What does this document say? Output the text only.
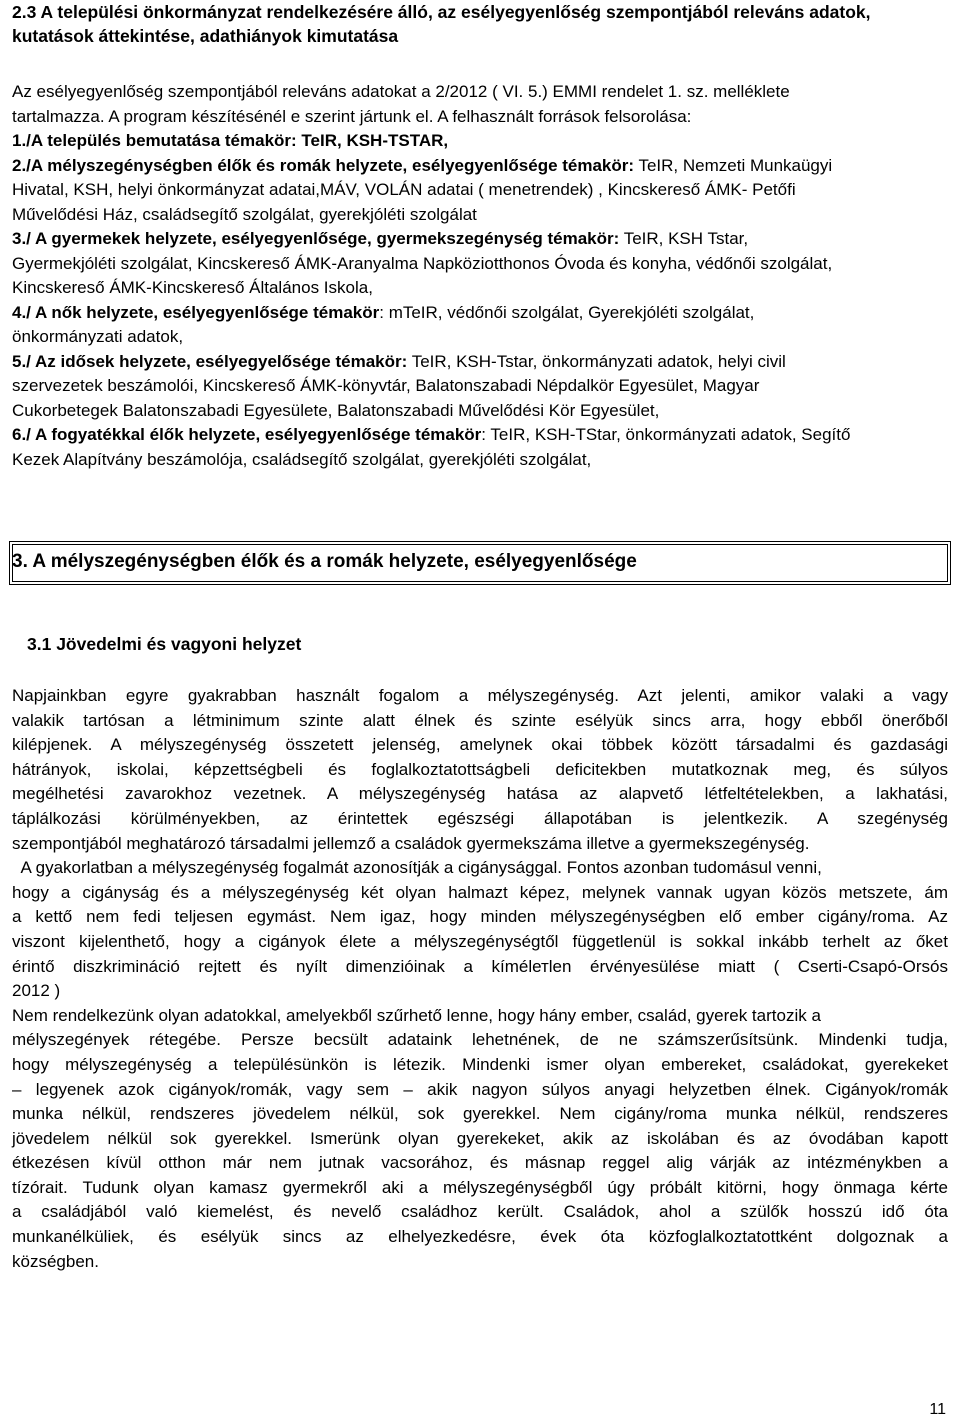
2.3 A települési önkormányzat rendelkezésére álló, az esélyegyenlőség szempontjából releváns adatok,
kutatások áttekintése, adathiányok kimutatása
Az esélyegyenlőség szempontjából releváns adatokat a 2/2012 ( VI. 5.) EMMI rendelet 1. sz. melléklete
tartalmazza. A program készítésénél e szerint jártunk el. A felhasznált források felsorolása:
1./A település bemutatása témakör: TeIR, KSH-TSTAR,
2./A mélyszegénységben élők és romák helyzete, esélyegyenlősége témakör: TeIR, Nemzeti Munkaügyi
Hivatal, KSH, helyi önkormányzat adatai,MÁV, VOLÁN adatai ( menetrendek) , Kincskereső ÁMK- Petőfi
Művelődési Ház, családsegítő szolgálat, gyerekjóléti szolgálat
3./ A gyermekek helyzete, esélyegyenlősége, gyermekszegénység témakör: TeIR, KSH Tstar,
Gyermekjóléti szolgálat, Kincskereső ÁMK-Aranyalma Napköziotthonos Óvoda és konyha, védőnői szolgálat,
Kincskereső ÁMK-Kincskereső Általános Iskola,
4./ A nők helyzete, esélyegyenlősége témakör: mTeIR, védőnői szolgálat, Gyerekjóléti szolgálat,
önkormányzati adatok,
5./ Az idősek helyzete, esélyegyelősége témakör: TeIR, KSH-Tstar, önkormányzati adatok, helyi civil
szervezetek beszámolói, Kincskereső ÁMK-könyvtár, Balatonszabadi Népdalkör Egyesület, Magyar
Cukorbetegek Balatonszabadi Egyesülete, Balatonszabadi Művelődési Kör Egyesület,
6./ A fogyatékkal élők helyzete, esélyegyenlősége témakör: TeIR, KSH-TStar, önkormányzati adatok, Segítő
Kezek Alapítvány beszámolója, családsegítő szolgálat, gyerekjóléti szolgálat,
3. A mélyszegénységben élők és a romák helyzete, esélyegyenlősége
3.1 Jövedelmi és vagyoni helyzet
Napjainkban egyre gyakrabban használt fogalom a mélyszegénység. Azt jelenti, amikor valaki a vagy
valakik tartósan a létminimum szinte alatt élnek és szinte esélyük sincs arra, hogy ebből önerőből
kilépjenek. A mélyszegénység összetett jelenség, amelynek okai többek között társadalmi és gazdasági
hátrányok, iskolai, képzettségbeli és foglalkoztatottságbeli deficitekben mutatkoznak meg, és súlyos
megélhetési zavarokhoz vezetnek. A mélyszegénység hatása az alapvető létfeltételekben, a lakhatási,
táplálkozási körülményekben, az érintettek egészségi állapotában is jelentkezik. A szegénység
szempontjából meghatározó társadalmi jellemző a családok gyermekszáma illetve a gyermekszegénység.
A gyakorlatban a mélyszegénység fogalmát azonosítják a cigánysággal. Fontos azonban tudomásul venni,
hogy a cigányság és a mélyszegénység két olyan halmazt képez, melynek vannak ugyan közös metszete, ám
a kettő nem fedi teljesen egymást. Nem igaz, hogy minden mélyszegénységben elő ember cigány/roma. Az
viszont kijelenthető, hogy a cigányok élete a mélyszegénységtől függetlenül is sokkal inkább terhelt az őket
érintő diszkrimináció rejtett és nyílt dimenzióinak a kímélетlen érvényesülése miatt ( Cserti-Csapó-Orsós
2012 )
Nem rendelkezünk olyan adatokkal, amelyekből szűrhető lenne, hogy hány ember, család, gyerek tartozik a
mélyszegények rétegébe. Persze becsült adataink lehetnének, de ne számszerűsítsünk. Mindenki tudja,
hogy mélyszegénység a településünkön is létezik. Mindenki ismer olyan embereket, családokat, gyerekeket
– legyenek azok cigányok/romák, vagy sem – akik nagyon súlyos anyagi helyzetben élnek. Cigányok/romák
munka nélkül, rendszeres jövedelem nélkül, sok gyerekkel. Nem cigány/roma munka nélkül, rendszeres
jövedelem nélkül sok gyerekkel. Ismerünk olyan gyerekeket, akik az iskolában és az óvodában kapott
étkezésen kívül otthon már nem jutnak vacsorához, és másnap reggel alig várják az intézménykben a
tízórait. Tudunk olyan kamasz gyermekről aki a mélyszegénységből úgy próbált kitörni, hogy önmaga kérte
a családjából való kiemelést, és nevelő családhoz került. Családok, ahol a szülők hosszú idő óta
munkanélküliek, és esélyük sincs az elhelyezkedésre, évek óta közfoglalkoztatottként dolgoznak a
községben.
11
